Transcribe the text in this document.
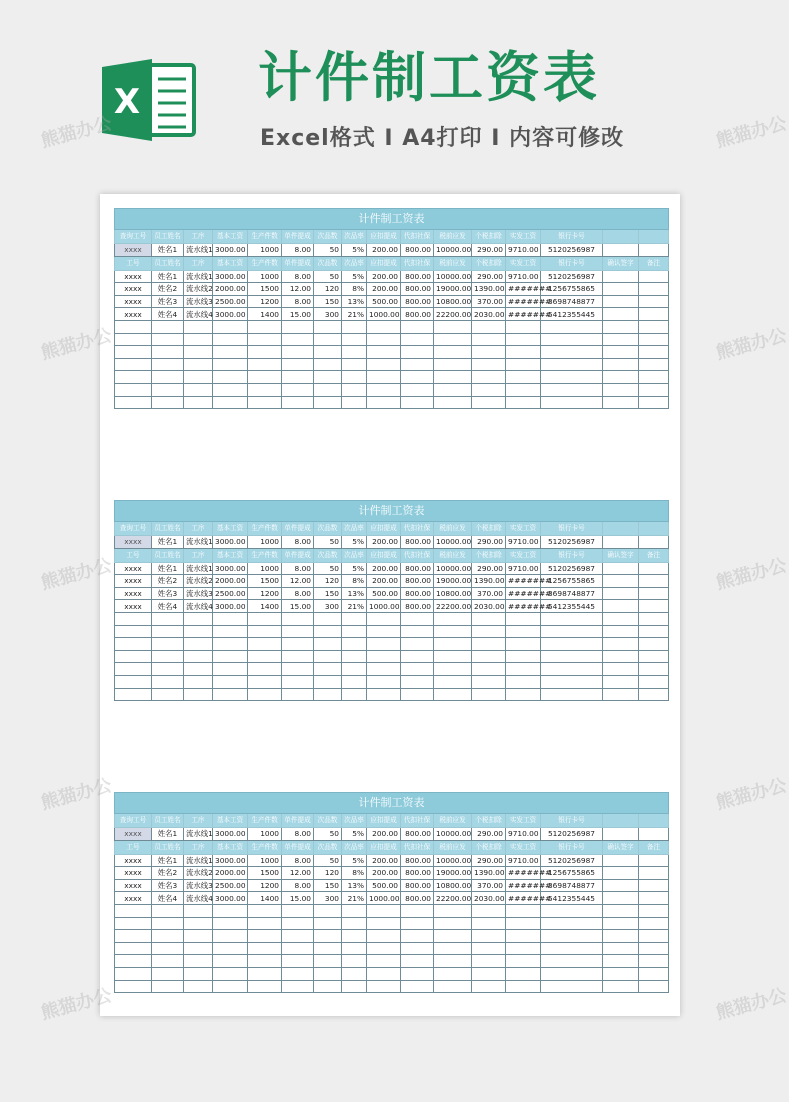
X 计件制工资表
Excel格式 I A4打印 I 内容可修改
计件制工资表															
查询工号	员工姓名	工序	基本工资	生产件数	单件提成	次品数	次品率	应扣提成	代扣社保	税前应发	个税扣除	实发工资	银行卡号		
xxxx	姓名1	流水线1	3000.00	1000	8.00	50	5%	200.00	800.00	10000.00	290.00	9710.00	5120256987		
工号	员工姓名	工序	基本工资	生产件数	单件提成	次品数	次品率	应扣提成	代扣社保	税前应发	个税扣除	实发工资	银行卡号	确认签字	备注
xxxx	姓名1	流水线1	3000.00	1000	8.00	50	5%	200.00	800.00	10000.00	290.00	9710.00	5120256987		
xxxx	姓名2	流水线2	2000.00	1500	12.00	120	8%	200.00	800.00	19000.00	1390.00	#######	1256755865		
xxxx	姓名3	流水线3	2500.00	1200	8.00	150	13%	500.00	800.00	10800.00	370.00	#######	3698748877		
xxxx	姓名4	流水线4	3000.00	1400	15.00	300	21%	1000.00	800.00	22200.00	2030.00	#######	5412355445		

计件制工资表															
查询工号	员工姓名	工序	基本工资	生产件数	单件提成	次品数	次品率	应扣提成	代扣社保	税前应发	个税扣除	实发工资	银行卡号		
xxxx	姓名1	流水线1	3000.00	1000	8.00	50	5%	200.00	800.00	10000.00	290.00	9710.00	5120256987		
工号	员工姓名	工序	基本工资	生产件数	单件提成	次品数	次品率	应扣提成	代扣社保	税前应发	个税扣除	实发工资	银行卡号	确认签字	备注
xxxx	姓名1	流水线1	3000.00	1000	8.00	50	5%	200.00	800.00	10000.00	290.00	9710.00	5120256987		
xxxx	姓名2	流水线2	2000.00	1500	12.00	120	8%	200.00	800.00	19000.00	1390.00	#######	1256755865		
xxxx	姓名3	流水线3	2500.00	1200	8.00	150	13%	500.00	800.00	10800.00	370.00	#######	3698748877		
xxxx	姓名4	流水线4	3000.00	1400	15.00	300	21%	1000.00	800.00	22200.00	2030.00	#######	5412355445		

计件制工资表															
查询工号	员工姓名	工序	基本工资	生产件数	单件提成	次品数	次品率	应扣提成	代扣社保	税前应发	个税扣除	实发工资	银行卡号		
xxxx	姓名1	流水线1	3000.00	1000	8.00	50	5%	200.00	800.00	10000.00	290.00	9710.00	5120256987		
工号	员工姓名	工序	基本工资	生产件数	单件提成	次品数	次品率	应扣提成	代扣社保	税前应发	个税扣除	实发工资	银行卡号	确认签字	备注
xxxx	姓名1	流水线1	3000.00	1000	8.00	50	5%	200.00	800.00	10000.00	290.00	9710.00	5120256987		
xxxx	姓名2	流水线2	2000.00	1500	12.00	120	8%	200.00	800.00	19000.00	1390.00	#######	1256755865		
xxxx	姓名3	流水线3	2500.00	1200	8.00	150	13%	500.00	800.00	10800.00	370.00	#######	3698748877		
xxxx	姓名4	流水线4	3000.00	1400	15.00	300	21%	1000.00	800.00	22200.00	2030.00	#######	5412355445		

熊猫办公	熊猫办公
熊猫办公	熊猫办公
熊猫办公	熊猫办公
熊猫办公	熊猫办公
熊猫办公	熊猫办公
